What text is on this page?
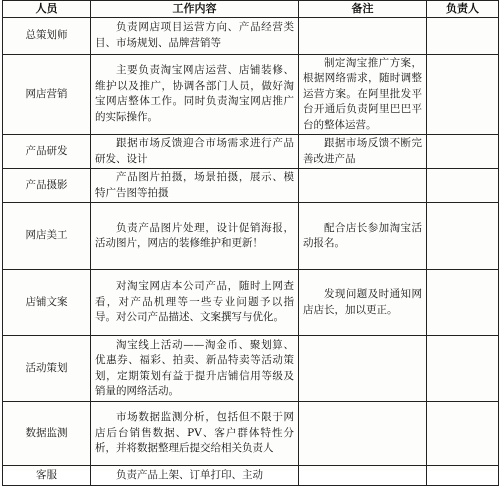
人员	工作内容	备注	负责人
总策划师	负责网店项目运营方向、产品经营类目、市场规划、品牌营销等		
网店营销	主要负责淘宝网店运营、店铺装修、维护以及推广，协调各部门人员，做好淘宝网店整体工作。同时负责淘宝网店推广的实际操作。	制定淘宝推广方案，根据网络需求，随时调整运营方案。在阿里批发平台开通后负责阿里巴巴平台的整体运营。	
产品研发	跟据市场反馈迎合市场需求进行产品研发、设计	跟据市场反馈不断完善改进产品	
产品摄影	产品图片拍摄，场景拍摄，展示、模特广告图等拍摄		
网店美工	负责产品图片处理，设计促销海报，活动图片，网店的装修维护和更新！	配合店长参加淘宝活动报名。	
店铺文案	对淘宝网店本公司产品，随时上网查看，对产品机理等一些专业问题予以指导。对公司产品描述、文案撰写与优化。	发现问题及时通知网店店长，加以更正。	
活动策划	淘宝线上活动——淘金币、聚划算、优惠券、福彩、拍卖、新品特卖等活动策划，定期策划有益于提升店铺信用等级及销量的网络活动。		
数据监测	市场数据监测分析，包括但不限于网店后台销售数据、PV、客户群体特性分析，并将数据整理后提交给相关负责人		
客服	负责产品上架、订单打印、主动		
